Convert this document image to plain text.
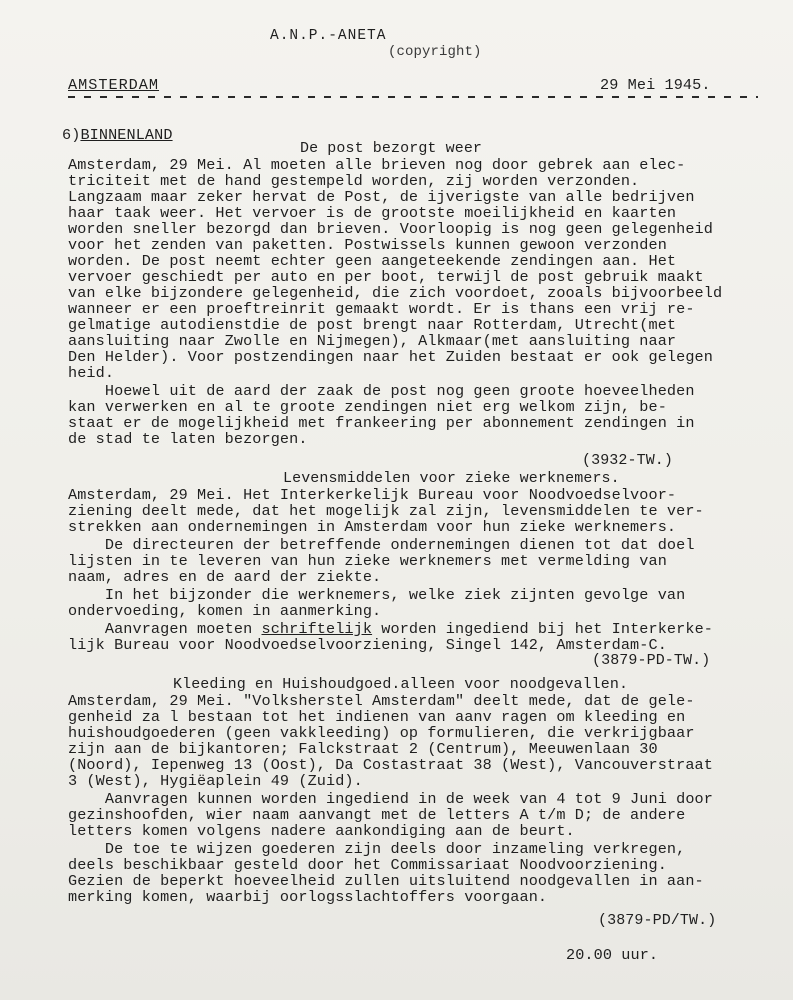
A.N.P.-ANETA
(copyright)
AMSTERDAM	29 Mei 1945.
6)BINNENLAND
De post bezorgt weer
Amsterdam, 29 Mei. Al moeten alle brieven nog door gebrek aan elec-
triciteit met de hand gestempeld worden, zij worden verzonden.
Langzaam maar zeker hervat de Post, de ijverigste van alle bedrijven
haar taak weer. Het vervoer is de grootste moeilijkheid en kaarten
worden sneller bezorgd dan brieven. Voorloopig is nog geen gelegenheid
voor het zenden van paketten. Postwissels kunnen gewoon verzonden
worden. De post neemt echter geen aangeteekende zendingen aan. Het
vervoer geschiedt per auto en per boot, terwijl de post gebruik maakt
van elke bijzondere gelegenheid, die zich voordoet, zooals bijvoorbeeld
wanneer er een proeftreinrit gemaakt wordt. Er is thans een vrij re-
gelmatige autodienstdie de post brengt naar Rotterdam, Utrecht(met
aansluiting naar Zwolle en Nijmegen), Alkmaar(met aansluiting naar
Den Helder). Voor postzendingen naar het Zuiden bestaat er ook gelegen
heid.
Hoewel uit de aard der zaak de post nog geen groote hoeveelheden
kan verwerken en al te groote zendingen niet erg welkom zijn, be-
staat er de mogelijkheid met frankeering per abonnement zendingen in
de stad te laten bezorgen.
(3932-TW.)
Levensmiddelen voor zieke werknemers.
Amsterdam, 29 Mei. Het Interkerkelijk Bureau voor Noodvoedselvoor-
ziening deelt mede, dat het mogelijk zal zijn, levensmiddelen te ver-
strekken aan ondernemingen in Amsterdam voor hun zieke werknemers.
De directeuren der betreffende ondernemingen dienen tot dat doel
lijsten in te leveren van hun zieke werknemers met vermelding van
naam, adres en de aard der ziekte.
In het bijzonder die werknemers, welke ziek zijnten gevolge van
ondervoeding, komen in aanmerking.
Aanvragen moeten schriftelijk worden ingediend bij het Interkerke-
lijk Bureau voor Noodvoedselvoorziening, Singel 142, Amsterdam-C.
(3879-PD-TW.)
Kleeding en Huishoudgoed.alleen voor noodgevallen.
Amsterdam, 29 Mei. "Volksherstel Amsterdam" deelt mede, dat de gele-
genheid za l bestaan tot het indienen van aanv ragen om kleeding en
huishoudgoederen (geen vakkleeding) op formulieren, die verkrijgbaar
zijn aan de bijkantoren; Falckstraat 2 (Centrum), Meeuwenlaan 30
(Noord), Iepenweg 13 (Oost), Da Costastraat 38 (West), Vancouverstraat
3 (West), Hygiëaplein 49 (Zuid).
Aanvragen kunnen worden ingediend in de week van 4 tot 9 Juni door
gezinshoofden, wier naam aanvangt met de letters A t/m D; de andere
letters komen volgens nadere aankondiging aan de beurt.
De toe te wijzen goederen zijn deels door inzameling verkregen,
deels beschikbaar gesteld door het Commissariaat Noodvoorziening.
Gezien de beperkt hoeveelheid zullen uitsluitend noodgevallen in aan-
merking komen, waarbij oorlogsslachtoffers voorgaan.
(3879-PD/TW.)
20.00 uur.
